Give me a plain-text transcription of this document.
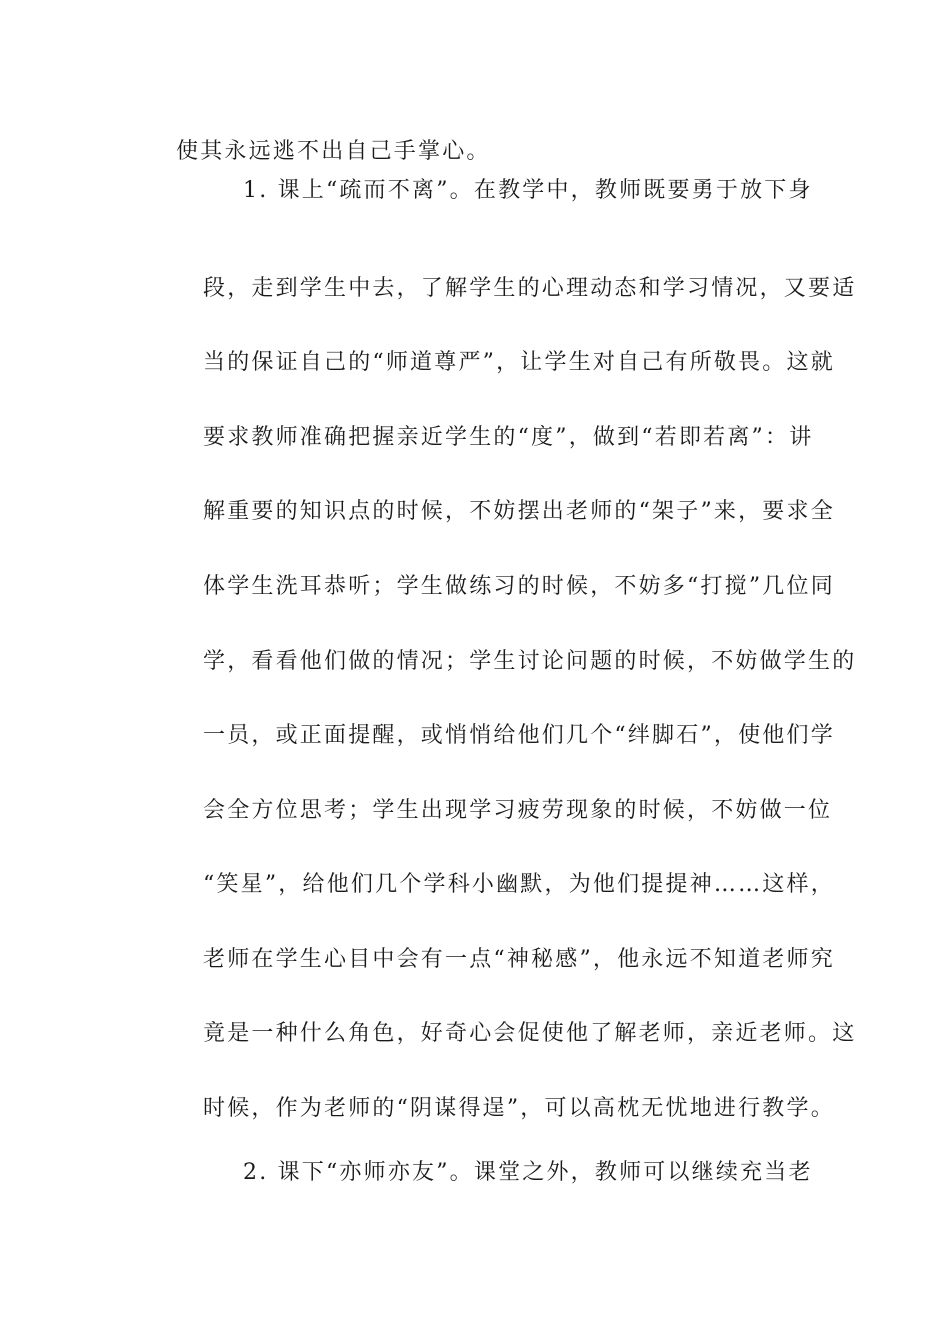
使其永远逃不出自己手掌心。
1. 课上“疏而不离”。在教学中，教师既要勇于放下身
段，走到学生中去，了解学生的心理动态和学习情况，又要适
当的保证自己的“师道尊严”，让学生对自己有所敬畏。这就
要求教师准确把握亲近学生的“度”，做到“若即若离”：讲
解重要的知识点的时候，不妨摆出老师的“架子”来，要求全
体学生洗耳恭听；学生做练习的时候，不妨多“打搅”几位同
学，看看他们做的情况；学生讨论问题的时候，不妨做学生的
一员，或正面提醒，或悄悄给他们几个“绊脚石”，使他们学
会全方位思考；学生出现学习疲劳现象的时候，不妨做一位
“笑星”，给他们几个学科小幽默，为他们提提神……这样，
老师在学生心目中会有一点“神秘感”，他永远不知道老师究
竟是一种什么角色，好奇心会促使他了解老师，亲近老师。这
时候，作为老师的“阴谋得逞”，可以高枕无忧地进行教学。
2. 课下“亦师亦友”。课堂之外，教师可以继续充当老
